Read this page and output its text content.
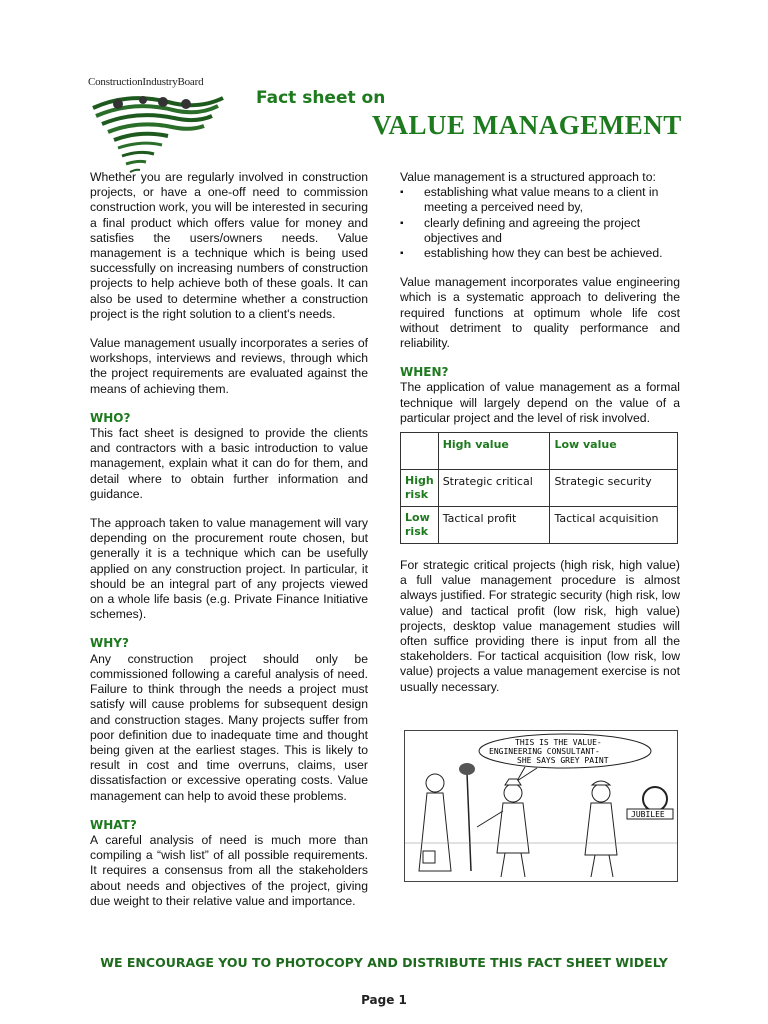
ConstructionIndustryBoard
Fact sheet on
VALUE MANAGEMENT

Whether you are regularly involved in construction projects, or have a one-off need to commission construction work, you will be interested in securing a final product which offers value for money and satisfies the users/owners needs. Value management is a technique which is being used successfully on increasing numbers of construction projects to help achieve both of these goals. It can also be used to determine whether a construction project is the right solution to a client's needs.

Value management usually incorporates a series of workshops, interviews and reviews, through which the project requirements are evaluated against the means of achieving them.

WHO?

This fact sheet is designed to provide the clients and contractors with a basic introduction to value management, explain what it can do for them, and detail where to obtain further information and guidance.

The approach taken to value management will vary depending on the procurement route chosen, but generally it is a technique which can be usefully applied on any construction project. In particular, it should be an integral part of any projects viewed on a whole life basis (e.g. Private Finance Initiative schemes).

WHY?

Any construction project should only be commissioned following a careful analysis of need. Failure to think through the needs a project must satisfy will cause problems for subsequent design and construction stages. Many projects suffer from poor definition due to inadequate time and thought being given at the earliest stages. This is likely to result in cost and time overruns, claims, user dissatisfaction or excessive operating costs. Value management can help to avoid these problems.

WHAT?

A careful analysis of need is much more than compiling a “wish list” of all possible requirements. It requires a consensus from all the stakeholders about needs and objectives of the project, giving due weight to their relative value and importance.

Value management is a structured approach to:
▪ establishing what value means to a client in meeting a perceived need by,
▪ clearly defining and agreeing the project objectives and
▪ establishing how they can best be achieved.

Value management incorporates value engineering which is a systematic approach to delivering the required functions at optimum whole life cost without detriment to quality performance and reliability.

WHEN?

The application of value management as a formal technique will largely depend on the value of a particular project and the level of risk involved.

	High value	Low value
High risk	Strategic critical	Strategic security
Low risk	Tactical profit	Tactical acquisition

For strategic critical projects (high risk, high value) a full value management procedure is almost always justified. For strategic security (high risk, low value) and tactical profit (low risk, high value) projects, desktop value management studies will often suffice providing there is input from all the stakeholders. For tactical acquisition (low risk, low value) projects a value management exercise is not usually necessary.

THIS IS THE VALUE-
ENGINEERING CONSULTANT-
SHE SAYS GREY PAINT
JUBILEE
WE ENCOURAGE YOU TO PHOTOCOPY AND DISTRIBUTE THIS FACT SHEET WIDELY
Page 1
